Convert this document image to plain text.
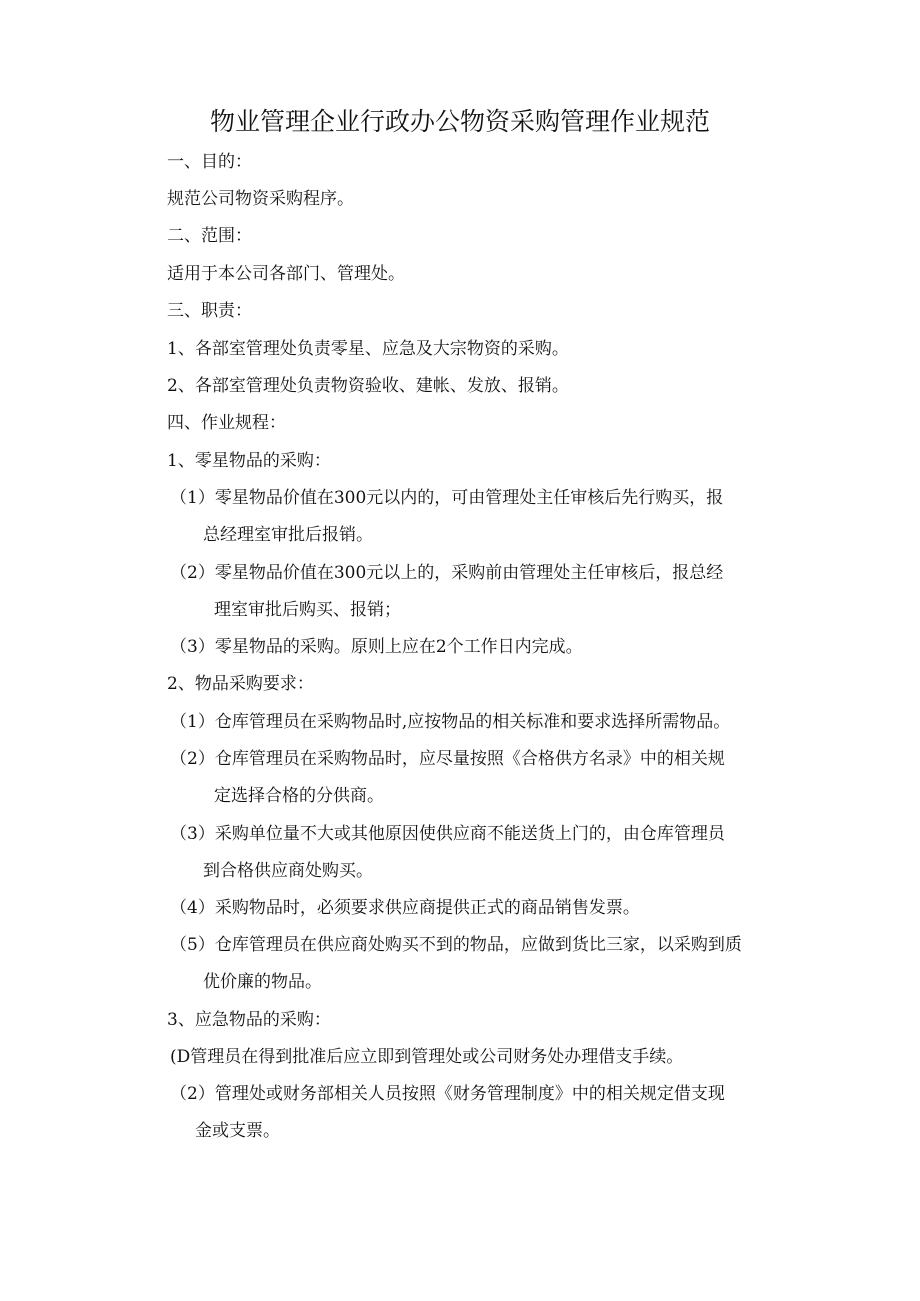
物业管理企业行政办公物资采购管理作业规范
一、目的：
规范公司物资采购程序。
二、范围：
适用于本公司各部门、管理处。
三、职责：
1、各部室管理处负责零星、应急及大宗物资的采购。
2、各部室管理处负责物资验收、建帐、发放、报销。
四、作业规程：
1、零星物品的采购：
（1）零星物品价值在300元以内的，可由管理处主任审核后先行购买，报
总经理室审批后报销。
（2）零星物品价值在300元以上的，采购前由管理处主任审核后，报总经
理室审批后购买、报销；
（3）零星物品的采购。原则上应在2个工作日内完成。
2、物品采购要求：
（1）仓库管理员在采购物品时,应按物品的相关标准和要求选择所需物品。
（2）仓库管理员在采购物品时，应尽量按照《合格供方名录》中的相关规
定选择合格的分供商。
（3）采购单位量不大或其他原因使供应商不能送货上门的，由仓库管理员
到合格供应商处购买。
（4）采购物品时，必须要求供应商提供正式的商品销售发票。
（5）仓库管理员在供应商处购买不到的物品，应做到货比三家，以采购到质
优价廉的物品。
3、应急物品的采购：
(D管理员在得到批准后应立即到管理处或公司财务处办理借支手续。
（2）管理处或财务部相关人员按照《财务管理制度》中的相关规定借支现
金或支票。
